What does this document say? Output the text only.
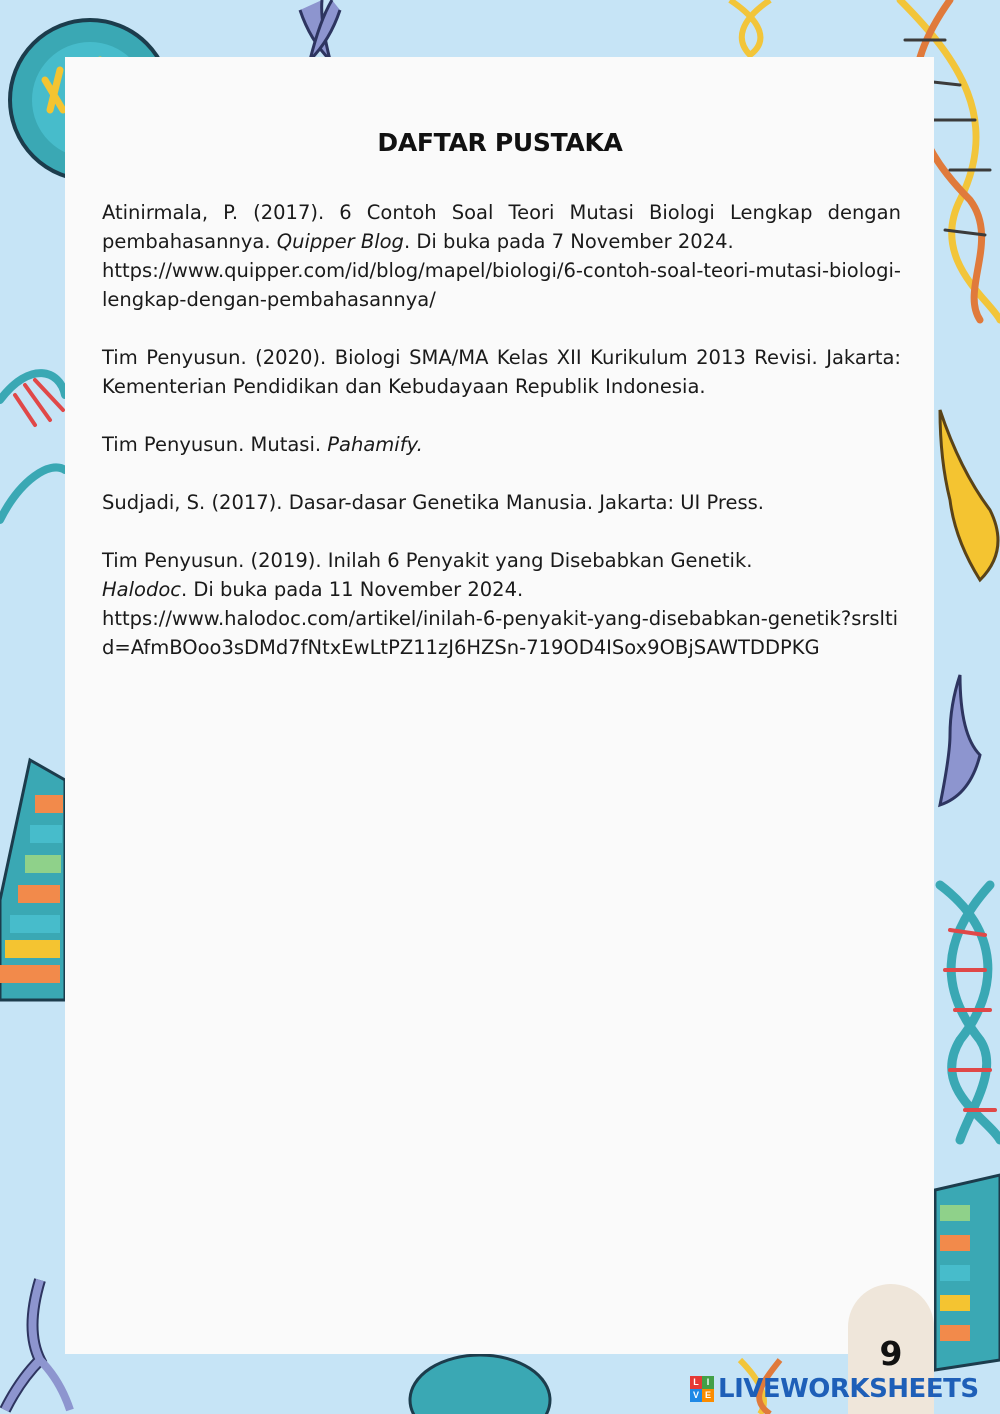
DAFTAR PUSTAKA

Atinirmala, P. (2017). 6 Contoh Soal Teori Mutasi Biologi Lengkap dengan pembahasannya. Quipper Blog. Di buka pada 7 November 2024.
https://www.quipper.com/id/blog/mapel/biologi/6-contoh-soal-teori-mutasi-biologi-lengkap-dengan-pembahasannya/

Tim Penyusun. (2020). Biologi SMA/MA Kelas XII Kurikulum 2013 Revisi. Jakarta: Kementerian Pendidikan dan Kebudayaan Republik Indonesia.

Tim Penyusun. Mutasi. Pahamify.

Sudjadi, S. (2017). Dasar-dasar Genetika Manusia. Jakarta: UI Press.

Tim Penyusun. (2019). Inilah 6 Penyakit yang Disebabkan Genetik.
Halodoc. Di buka pada 11 November 2024.
https://www.halodoc.com/artikel/inilah-6-penyakit-yang-disebabkan-genetik?srsltid=AfmBOoo3sDMd7fNtxEwLtPZ11zJ6HZSn-719OD4ISox9OBjSAWTDDPKG

9
L I
V E LIVEWORKSHEETS
